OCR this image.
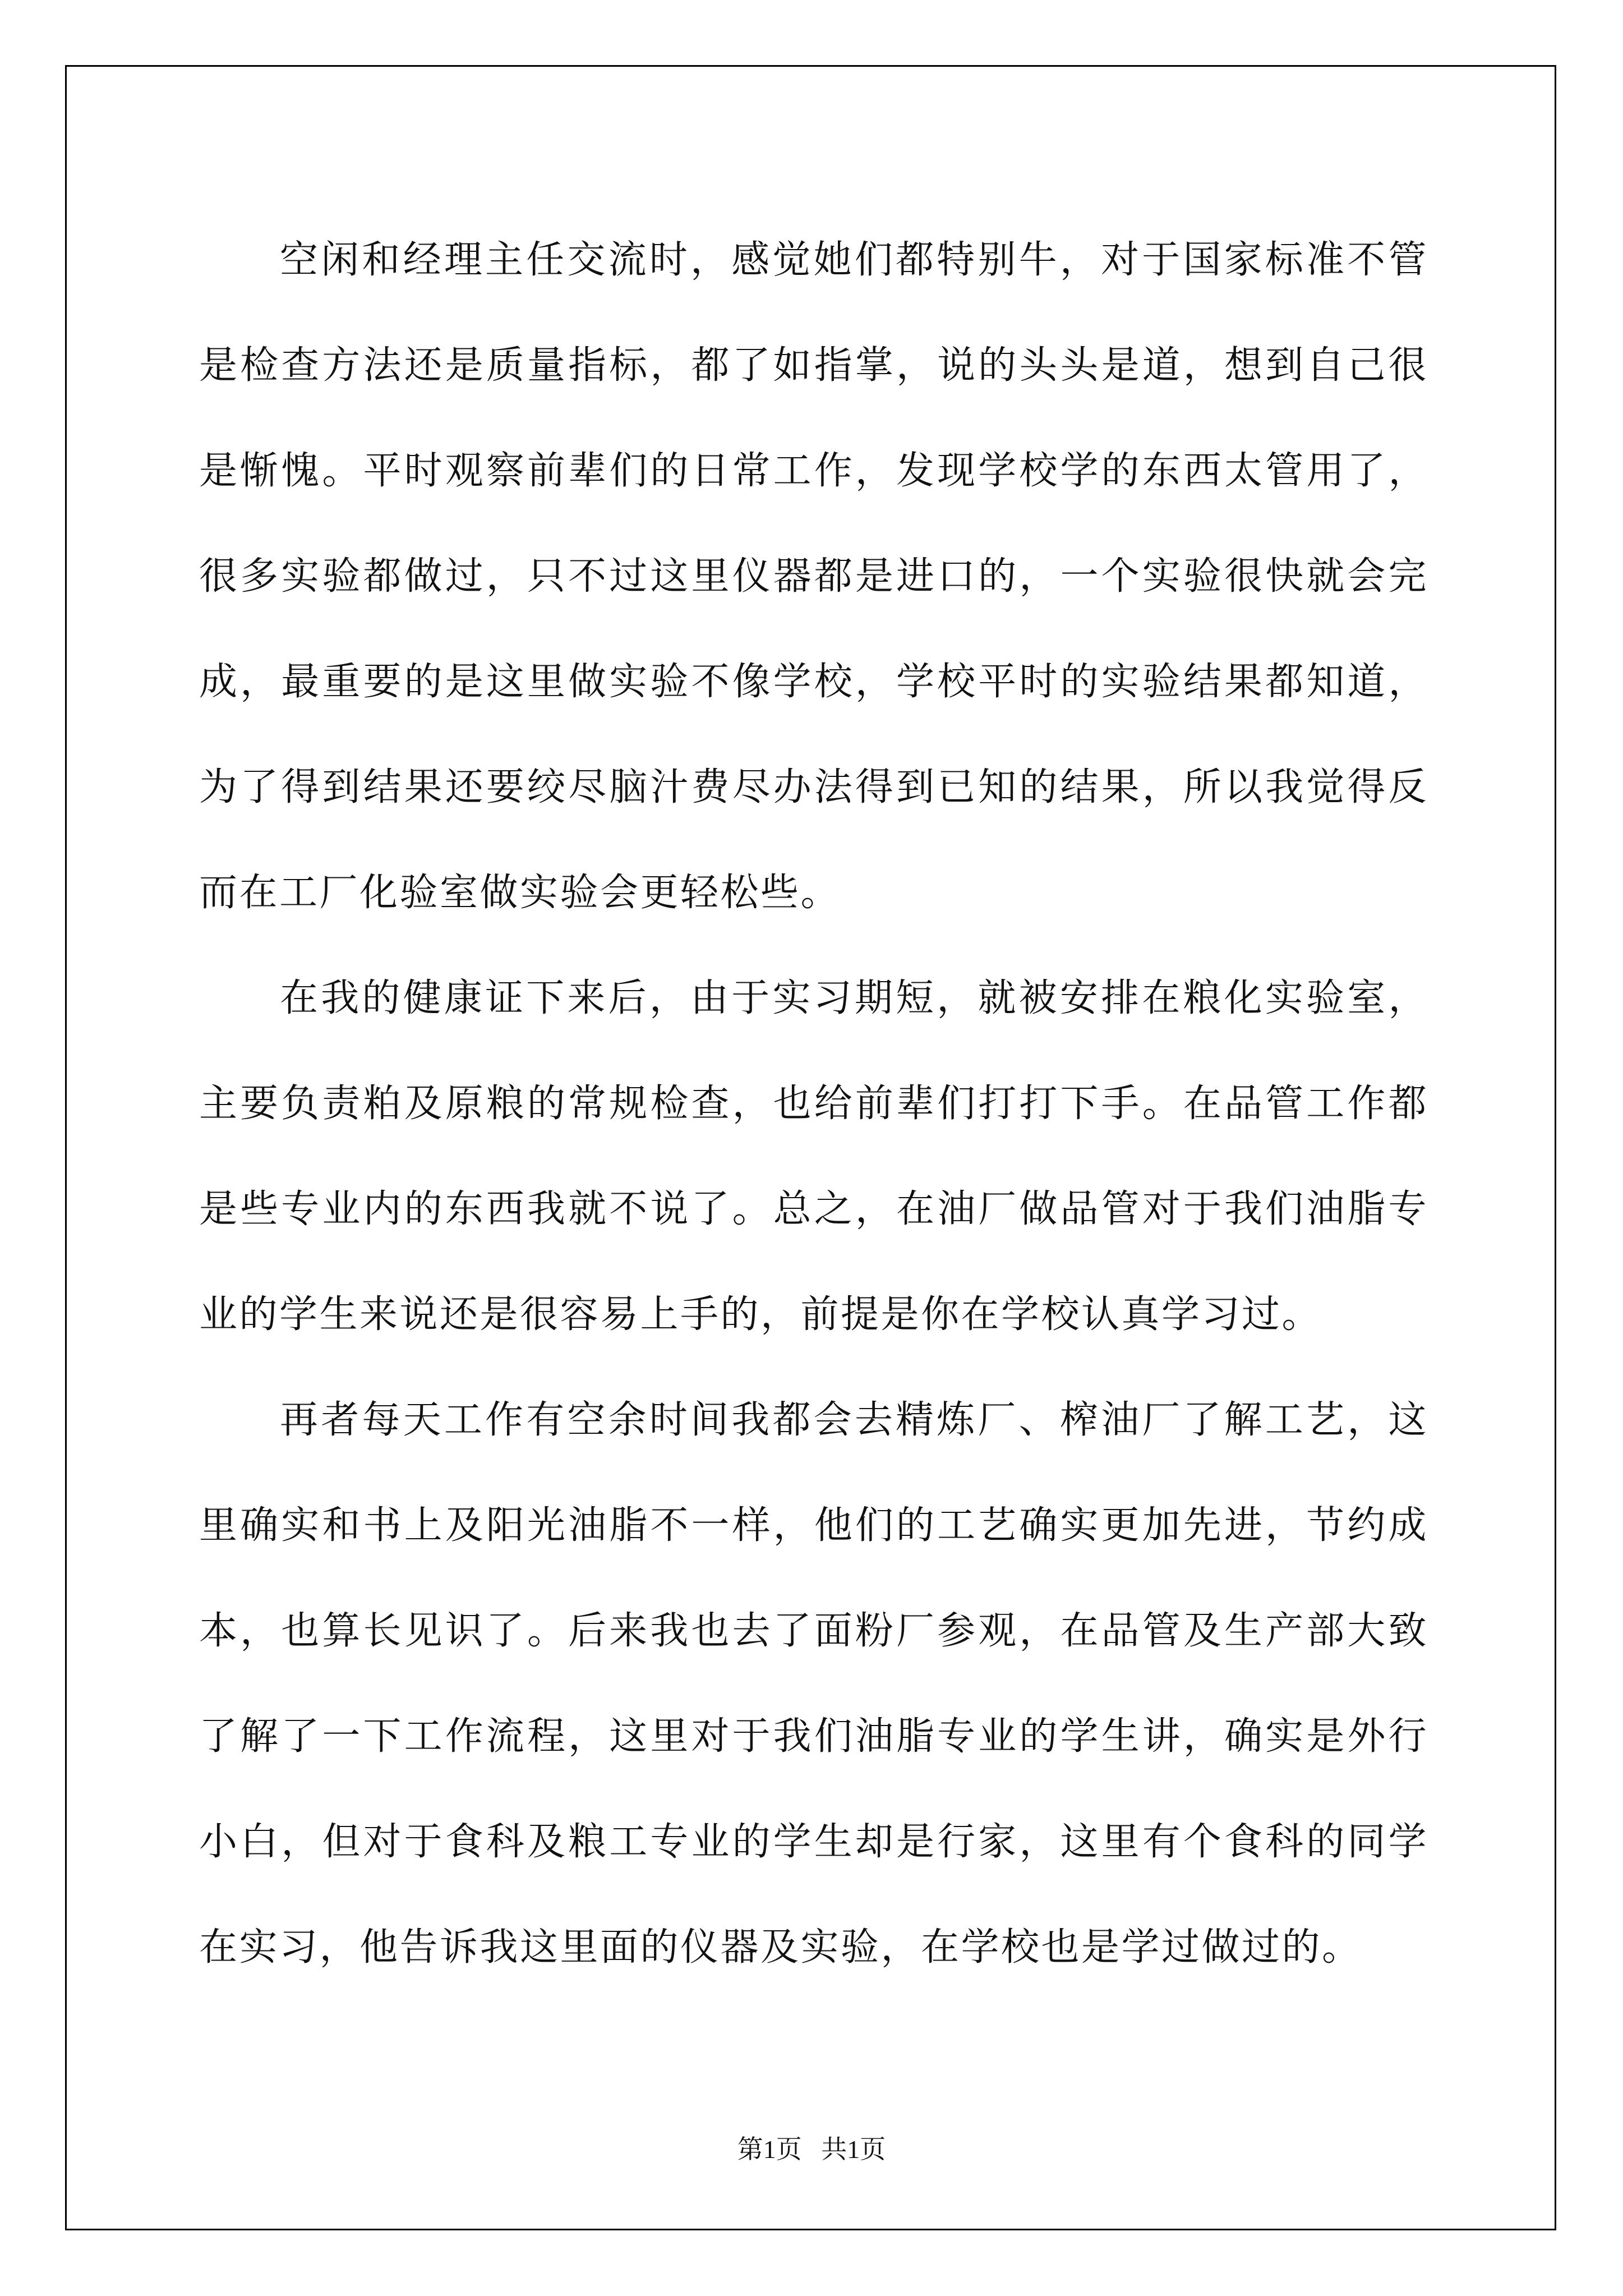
空闲和经理主任交流时，感觉她们都特别牛，对于国家标准不管是检查方法还是质量指标，都了如指掌，说的头头是道，想到自己很是惭愧。平时观察前辈们的日常工作，发现学校学的东西太管用了，很多实验都做过，只不过这里仪器都是进口的，一个实验很快就会完成，最重要的是这里做实验不像学校，学校平时的实验结果都知道，为了得到结果还要绞尽脑汁费尽办法得到已知的结果，所以我觉得反而在工厂化验室做实验会更轻松些。

在我的健康证下来后，由于实习期短，就被安排在粮化实验室，主要负责粕及原粮的常规检查，也给前辈们打打下手。在品管工作都是些专业内的东西我就不说了。总之，在油厂做品管对于我们油脂专业的学生来说还是很容易上手的，前提是你在学校认真学习过。

再者每天工作有空余时间我都会去精炼厂、榨油厂了解工艺，这里确实和书上及阳光油脂不一样，他们的工艺确实更加先进，节约成本，也算长见识了。后来我也去了面粉厂参观，在品管及生产部大致了解了一下工作流程，这里对于我们油脂专业的学生讲，确实是外行小白，但对于食科及粮工专业的学生却是行家，这里有个食科的同学在实习，他告诉我这里面的仪器及实验，在学校也是学过做过的。

第1页 共1页
